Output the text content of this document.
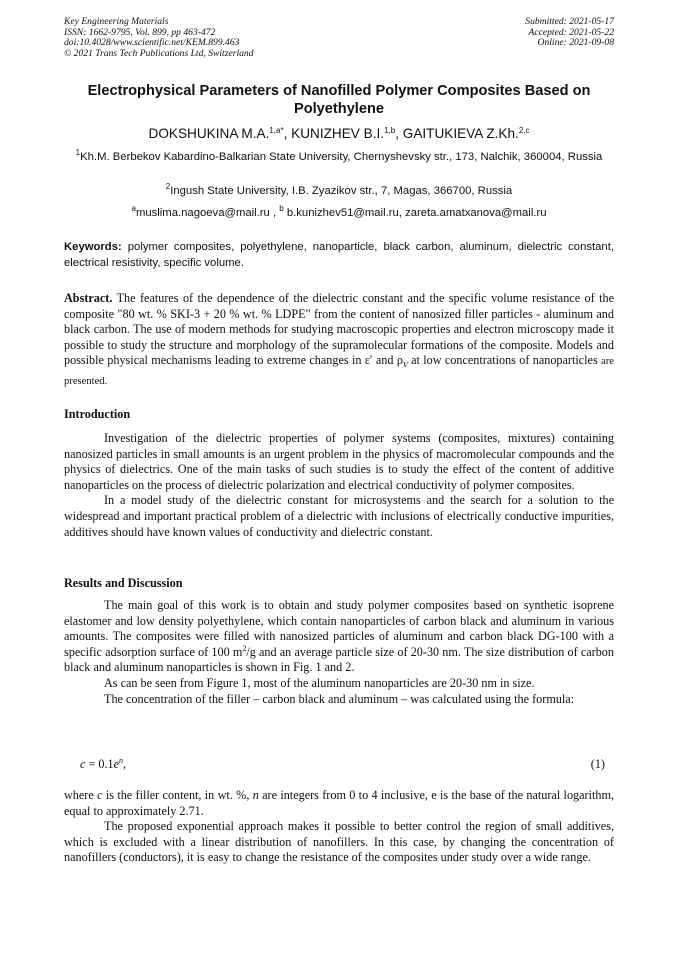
Key Engineering Materials
ISSN: 1662-9795, Vol. 899, pp 463-472
doi:10.4028/www.scientific.net/KEM.899.463
© 2021 Trans Tech Publications Ltd, Switzerland
Submitted: 2021-05-17
Accepted: 2021-05-22
Online: 2021-09-08
Electrophysical Parameters of Nanofilled Polymer Composites Based on Polyethylene
DOKSHUKINA M.A.$^{1,a*}$, KUNIZHEV B.I.$^{1,b}$, GAITUKIEVA Z.Kh.$^{2,c}$
$^1$Kh.M. Berbekov Kabardino-Balkarian State University, Chernyshevsky str., 173, Nalchik, 360004, Russia
$^2$Ingush State University, I.B. Zyazikov str., 7, Magas, 366700, Russia
$^a$muslima.nagoeva@mail.ru , $^b$ b.kunizhev51@mail.ru, zareta.amatxanova@mail.ru
Keywords: polymer composites, polyethylene, nanoparticle, black carbon, aluminum, dielectric constant, electrical resistivity, specific volume.
Abstract. The features of the dependence of the dielectric constant and the specific volume resistance of the composite "80 wt. % SKI-3 + 20 % wt. % LDPE" from the content of nanosized filler particles - aluminum and black carbon. The use of modern methods for studying macroscopic properties and electron microscopy made it possible to study the structure and morphology of the supramolecular formations of the composite. Models and possible physical mechanisms leading to extreme changes in ε′ and $\rho_V$ at low concentrations of nanoparticles are presented.
Introduction

Investigation of the dielectric properties of polymer systems (composites, mixtures) containing nanosized particles in small amounts is an urgent problem in the physics of macromolecular compounds and the physics of dielectrics. One of the main tasks of such studies is to study the effect of the content of additive nanoparticles on the process of dielectric polarization and electrical conductivity of polymer composites.

In a model study of the dielectric constant for microsystems and the search for a solution to the widespread and important practical problem of a dielectric with inclusions of electrically conductive impurities, additives should have known values of conductivity and dielectric constant.

Results and Discussion

The main goal of this work is to obtain and study polymer composites based on synthetic isoprene elastomer and low density polyethylene, which contain nanoparticles of carbon black and aluminum in various amounts. The composites were filled with nanosized particles of aluminum and carbon black DG-100 with a specific adsorption surface of 100 $m^2/g$ and an average particle size of 20-30 nm. The size distribution of carbon black and aluminum nanoparticles is shown in Fig. 1 and 2.

As can be seen from Figure 1, most of the aluminum nanoparticles are 20-30 nm in size.

The concentration of the filler – carbon black and aluminum – was calculated using the formula:

$c = 0.1e^n$,	(1)

where c is the filler content, in wt. %, n are integers from 0 to 4 inclusive, e is the base of the natural logarithm, equal to approximately 2.71.

The proposed exponential approach makes it possible to better control the region of small additives, which is excluded with a linear distribution of nanofillers. In this case, by changing the concentration of nanofillers (conductors), it is easy to change the resistance of the composites under study over a wide range.
